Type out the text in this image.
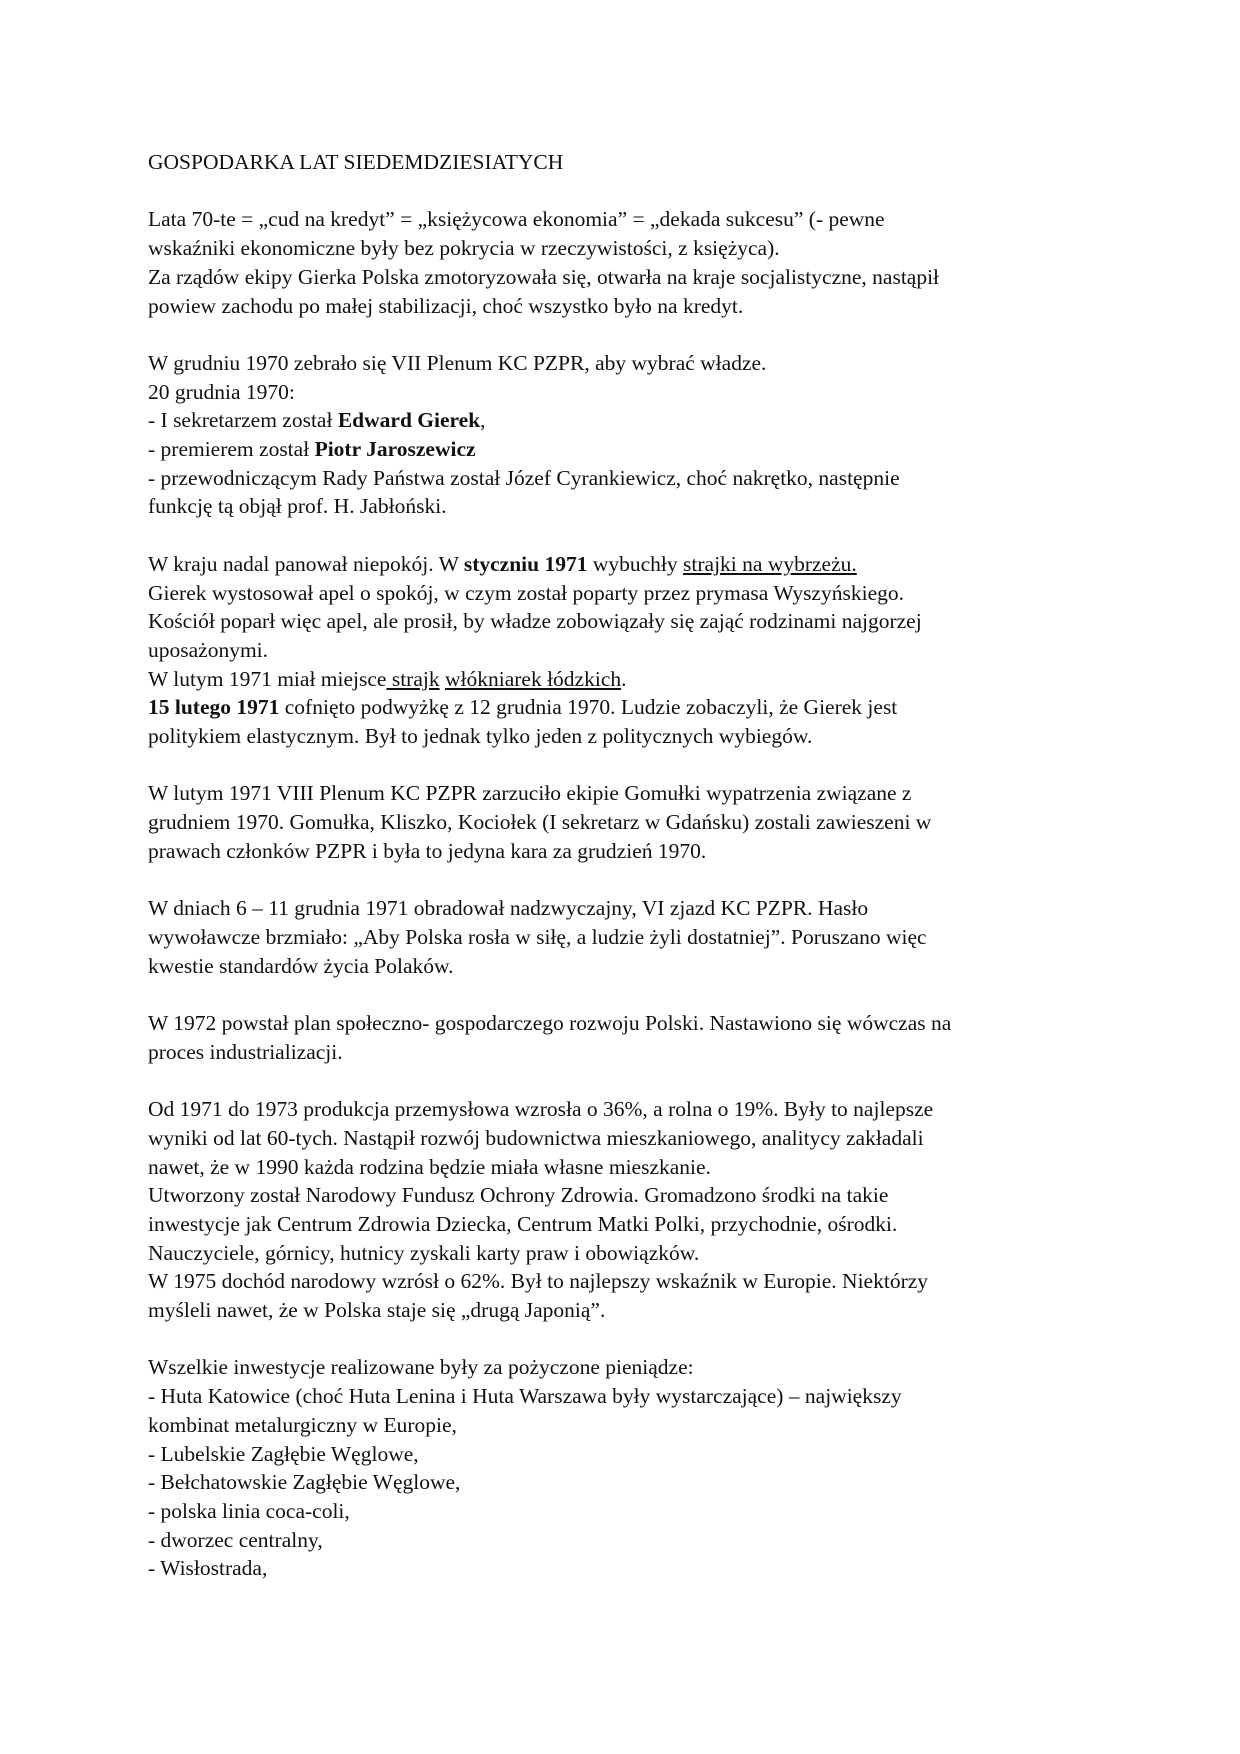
GOSPODARKA LAT SIEDEMDZIESIATYCH

Lata 70-te = „cud na kredyt” = „księżycowa ekonomia” = „dekada sukcesu” (- pewne
wskaźniki ekonomiczne były bez pokrycia w rzeczywistości, z księżyca).
Za rządów ekipy Gierka Polska zmotoryzowała się, otwarła na kraje socjalistyczne, nastąpił
powiew zachodu po małej stabilizacji, choć wszystko było na kredyt.

W grudniu 1970 zebrało się VII Plenum KC PZPR, aby wybrać władze.
20 grudnia 1970:
- I sekretarzem został Edward Gierek,
- premierem został Piotr Jaroszewicz
- przewodniczącym Rady Państwa został Józef Cyrankiewicz, choć nakrętko, następnie
funkcję tą objął prof. H. Jabłoński.

W kraju nadal panował niepokój. W styczniu 1971 wybuchły strajki na wybrzeżu.
Gierek wystosował apel o spokój, w czym został poparty przez prymasa Wyszyńskiego.
Kościół poparł więc apel, ale prosił, by władze zobowiązały się zająć rodzinami najgorzej
uposażonymi.
W lutym 1971 miał miejsce strajk włókniarek łódzkich.
15 lutego 1971 cofnięto podwyżkę z 12 grudnia 1970. Ludzie zobaczyli, że Gierek jest
politykiem elastycznym. Był to jednak tylko jeden z politycznych wybiegów.

W lutym 1971 VIII Plenum KC PZPR zarzuciło ekipie Gomułki wypatrzenia związane z
grudniem 1970. Gomułka, Kliszko, Kociołek (I sekretarz w Gdańsku) zostali zawieszeni w
prawach członków PZPR i była to jedyna kara za grudzień 1970.

W dniach 6 – 11 grudnia 1971 obradował nadzwyczajny, VI zjazd KC PZPR. Hasło
wywoławcze brzmiało: „Aby Polska rosła w siłę, a ludzie żyli dostatniej”. Poruszano więc
kwestie standardów życia Polaków.

W 1972 powstał plan społeczno- gospodarczego rozwoju Polski. Nastawiono się wówczas na
proces industrializacji.

Od 1971 do 1973 produkcja przemysłowa wzrosła o 36%, a rolna o 19%. Były to najlepsze
wyniki od lat 60-tych. Nastąpił rozwój budownictwa mieszkaniowego, analitycy zakładali
nawet, że w 1990 każda rodzina będzie miała własne mieszkanie.
Utworzony został Narodowy Fundusz Ochrony Zdrowia. Gromadzono środki na takie
inwestycje jak Centrum Zdrowia Dziecka, Centrum Matki Polki, przychodnie, ośrodki.
Nauczyciele, górnicy, hutnicy zyskali karty praw i obowiązków.
W 1975 dochód narodowy wzrósł o 62%. Był to najlepszy wskaźnik w Europie. Niektórzy
myśleli nawet, że w Polska staje się „drugą Japonią”.

Wszelkie inwestycje realizowane były za pożyczone pieniądze:
- Huta Katowice (choć Huta Lenina i Huta Warszawa były wystarczające) – największy
kombinat metalurgiczny w Europie,
- Lubelskie Zagłębie Węglowe,
- Bełchatowskie Zagłębie Węglowe,
- polska linia coca-coli,
- dworzec centralny,
- Wisłostrada,
